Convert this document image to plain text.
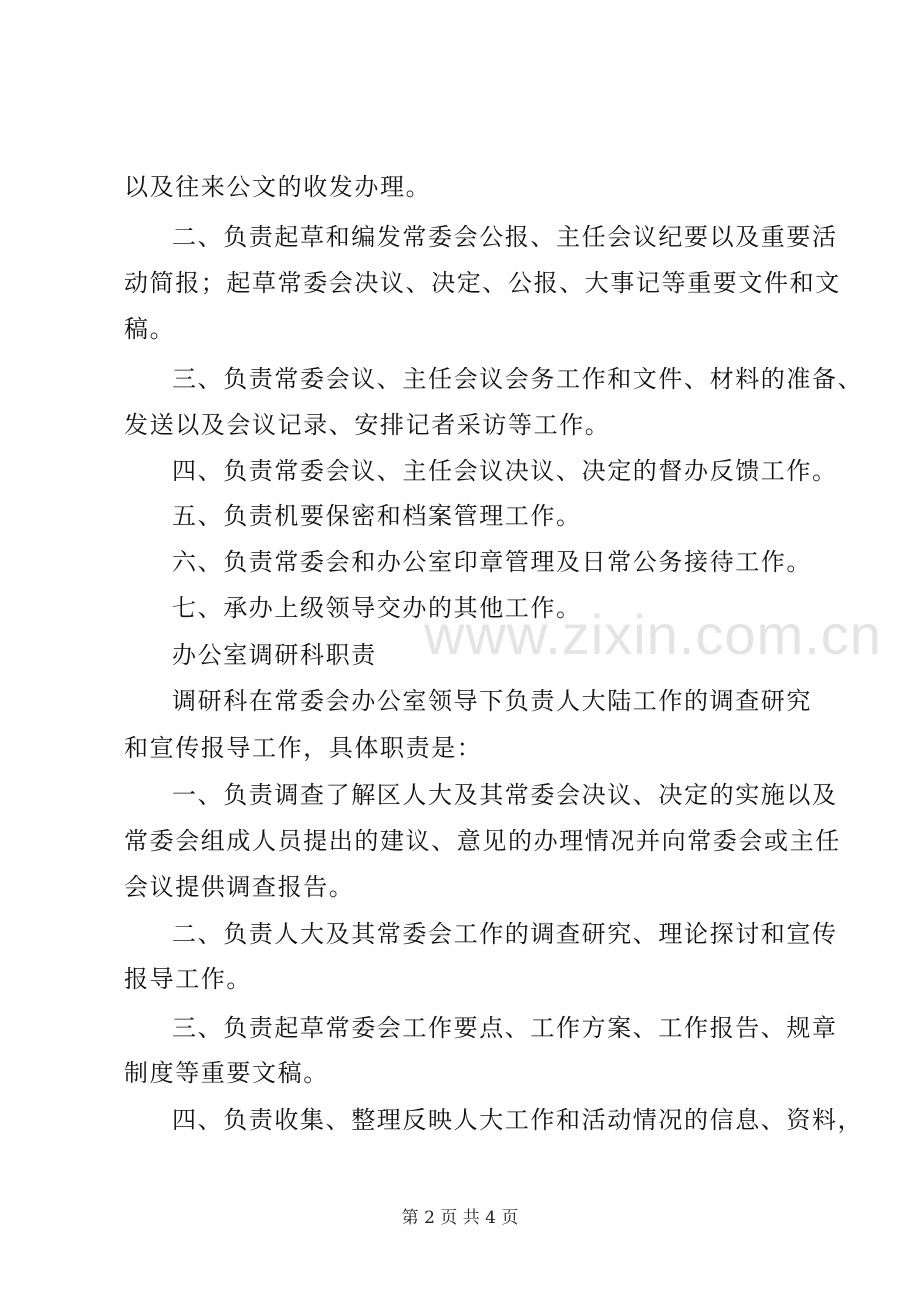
以及往来公文的收发办理。
二、负责起草和编发常委会公报、主任会议纪要以及重要活
动简报；起草常委会决议、决定、公报、大事记等重要文件和文
稿。
三、负责常委会议、主任会议会务工作和文件、材料的准备、
发送以及会议记录、安排记者采访等工作。
四、负责常委会议、主任会议决议、决定的督办反馈工作。
五、负责机要保密和档案管理工作。
六、负责常委会和办公室印章管理及日常公务接待工作。
七、承办上级领导交办的其他工作。
办公室调研科职责
调研科在常委会办公室领导下负责人大陆工作的调查研究
和宣传报导工作，具体职责是：
一、负责调查了解区人大及其常委会决议、决定的实施以及
常委会组成人员提出的建议、意见的办理情况并向常委会或主任
会议提供调查报告。
二、负责人大及其常委会工作的调查研究、理论探讨和宣传
报导工作。
三、负责起草常委会工作要点、工作方案、工作报告、规章
制度等重要文稿。
四、负责收集、整理反映人大工作和活动情况的信息、资料，
www.zixin.com.cn
第 2 页 共 4 页
